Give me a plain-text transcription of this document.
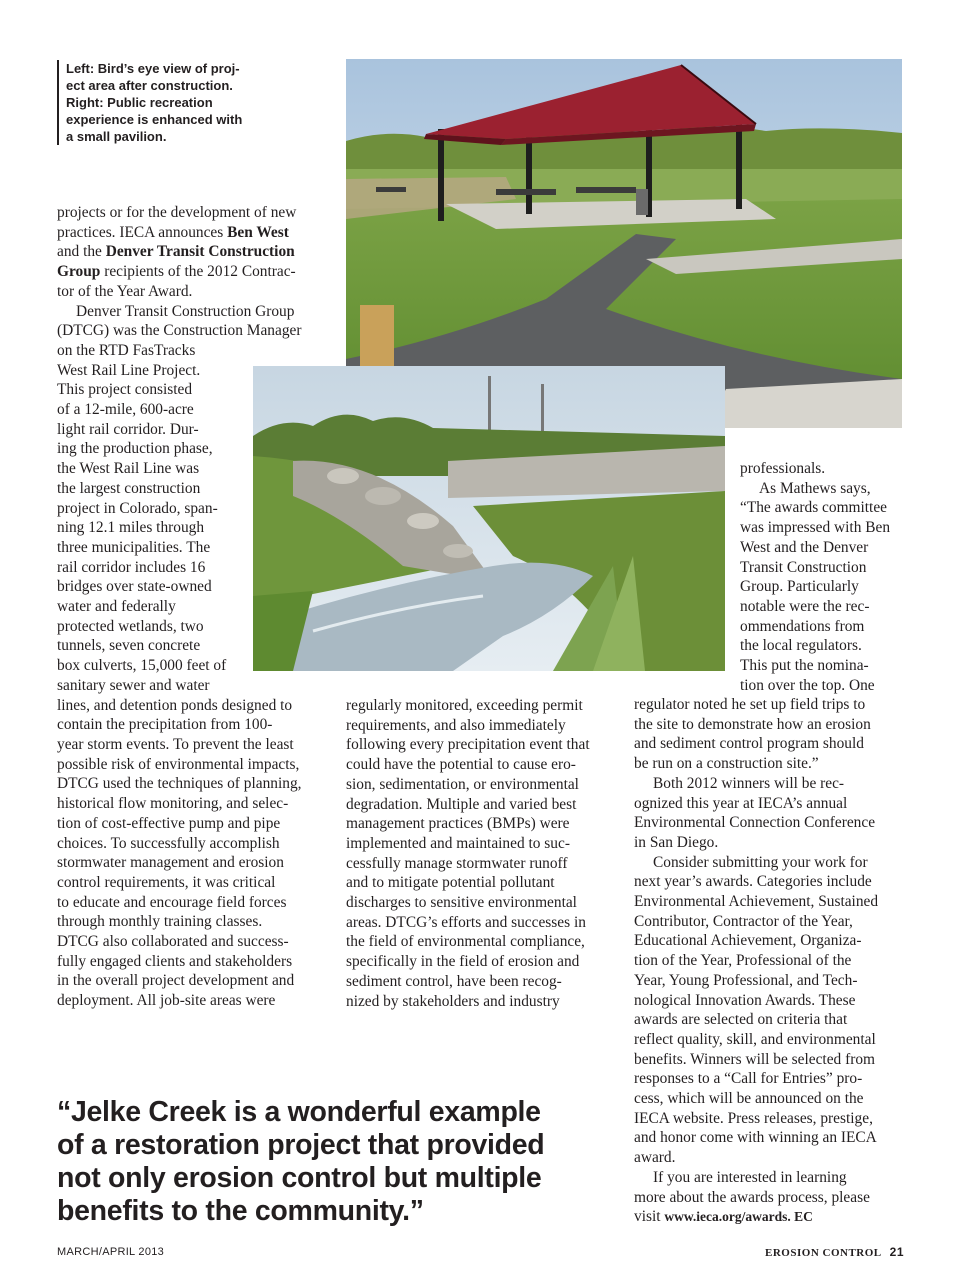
Left: Bird’s eye view of proj-
ect area after construction.
Right: Public recreation
experience is enhanced with
a small pavilion.

projects or for the development of new

practices. IECA announces Ben West

and the Denver Transit Construction

Group recipients of the 2012 Contrac-

tor of the Year Award.

Denver Transit Construction Group

(DTCG) was the Construction Manager

on the RTD FasTracks

West Rail Line Project.

This project consisted

of a 12-mile, 600-acre

light rail corridor. Dur-

ing the production phase,

the West Rail Line was

the largest construction

project in Colorado, span-

ning 12.1 miles through

three municipalities. The

rail corridor includes 16

bridges over state-owned

water and federally

protected wetlands, two

tunnels, seven concrete

box culverts, 15,000 feet of

sanitary sewer and water

lines, and detention ponds designed to

contain the precipitation from 100-

year storm events. To prevent the least

possible risk of environmental impacts,

DTCG used the techniques of planning,

historical flow monitoring, and selec-

tion of cost-effective pump and pipe

choices. To successfully accomplish

stormwater management and erosion

control requirements, it was critical

to educate and encourage field forces

through monthly training classes.

DTCG also collaborated and success-

fully engaged clients and stakeholders

in the overall project development and

deployment. All job-site areas were

regularly monitored, exceeding permit

requirements, and also immediately

following every precipitation event that

could have the potential to cause ero-

sion, sedimentation, or environmental

degradation. Multiple and varied best

management practices (BMPs) were

implemented and maintained to suc-

cessfully manage stormwater runoff

and to mitigate potential pollutant

discharges to sensitive environmental

areas. DTCG’s efforts and successes in

the field of environmental compliance,

specifically in the field of erosion and

sediment control, have been recog-

nized by stakeholders and industry

professionals.

As Mathews says,

“The awards committee

was impressed with Ben

West and the Denver

Transit Construction

Group. Particularly

notable were the rec-

ommendations from

the local regulators.

This put the nomina-

tion over the top. One

regulator noted he set up field trips to

the site to demonstrate how an erosion

and sediment control program should

be run on a construction site.”

Both 2012 winners will be rec-

ognized this year at IECA’s annual

Environmental Connection Conference

in San Diego.

Consider submitting your work for

next year’s awards. Categories include

Environmental Achievement, Sustained

Contributor, Contractor of the Year,

Educational Achievement, Organiza-

tion of the Year, Professional of the

Year, Young Professional, and Tech-

nological Innovation Awards. These

awards are selected on criteria that

reflect quality, skill, and environmental

benefits. Winners will be selected from

responses to a “Call for Entries” pro-

cess, which will be announced on the

IECA website. Press releases, prestige,

and honor come with winning an IECA

award.

If you are interested in learning

more about the awards process, please

visit www.ieca.org/awards. EC

“Jelke Creek is a wonderful example
of a restoration project that provided
not only erosion control but multiple
benefits to the community.”
MARCH/APRIL 2013	EROSION CONTROL 21
